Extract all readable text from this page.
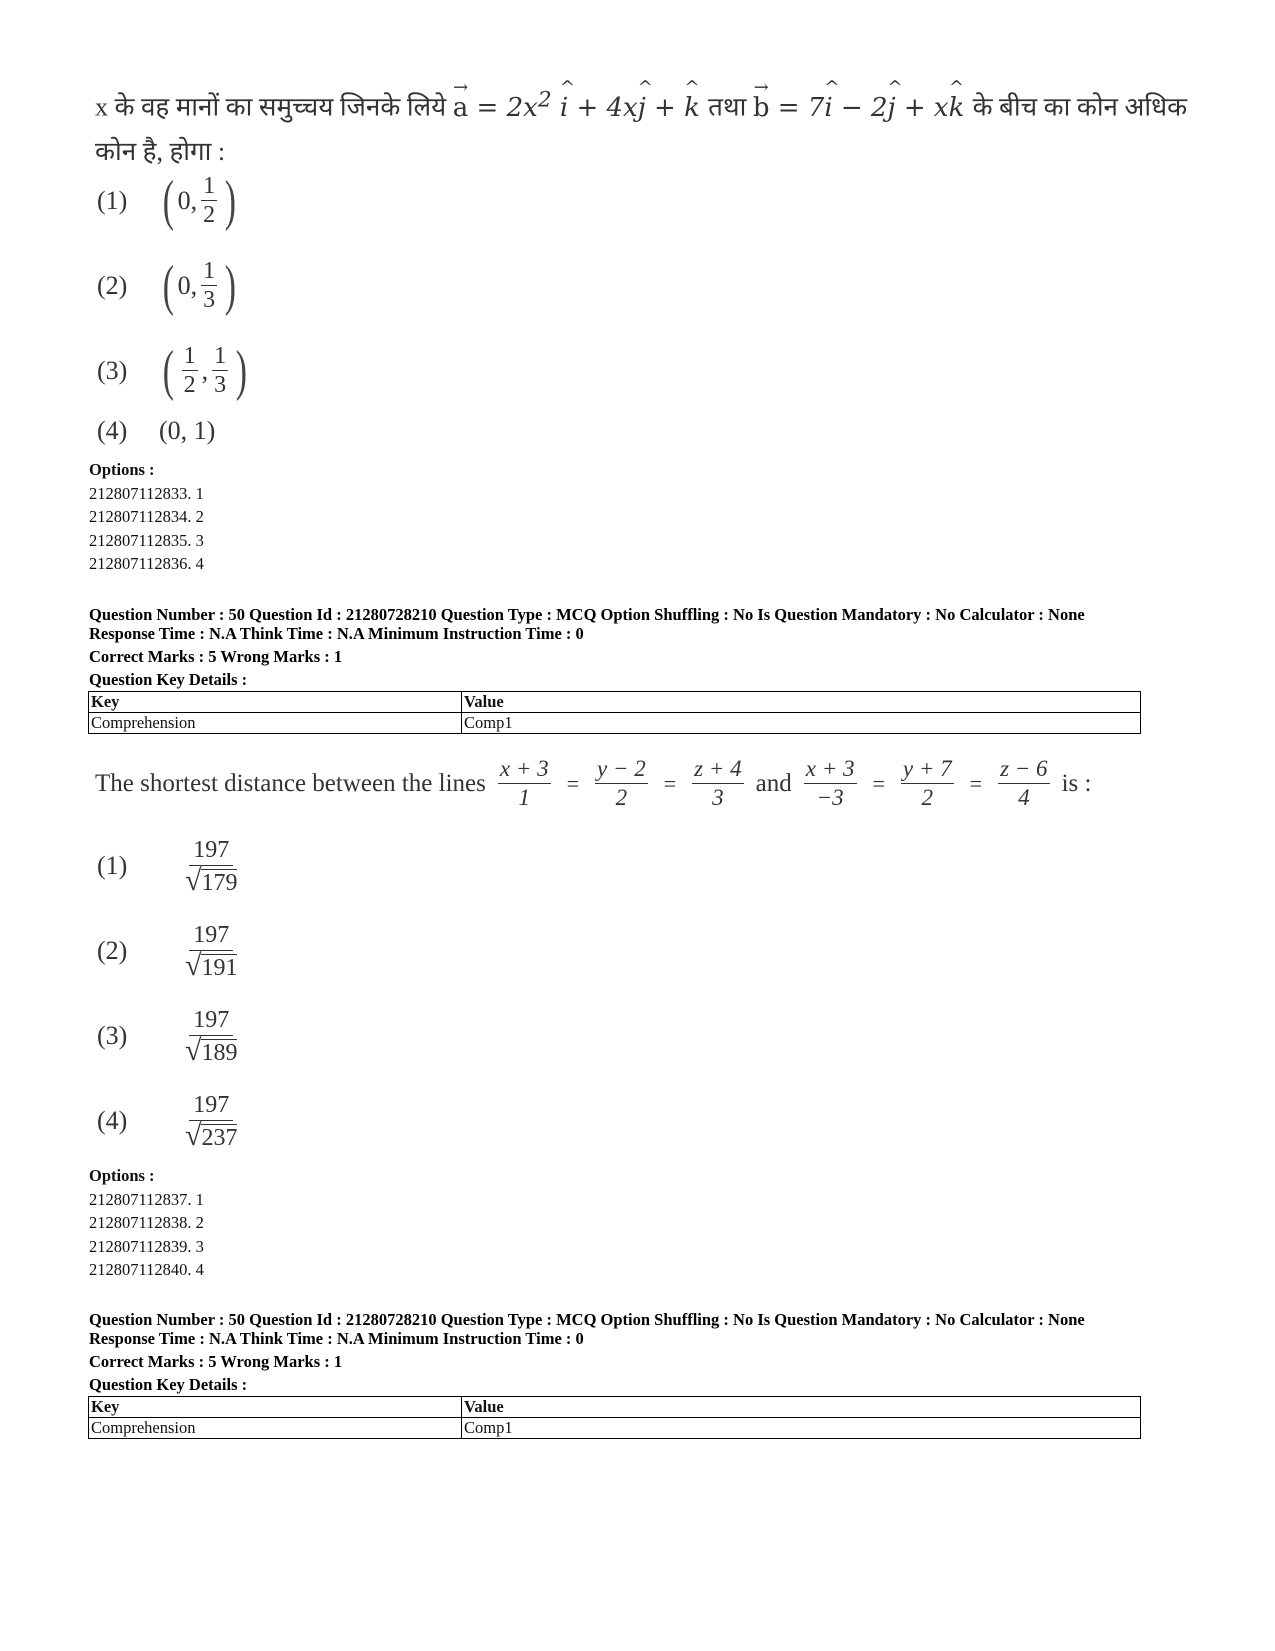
x के वह मानों का समुच्चय जिनके लिये → $a = 2x^2$ ^ i + 4x^ j + ^ k तथा → b = 7^ i − 2^ j + x^ k के बीच का कोन अधिक
कोन है, होगा :
(1) ( 0, $\frac{1}{2}$ )
(2) ( 0, $\frac{1}{3}$ )
(3) ( $\frac{1}{2}$ , $\frac{1}{3}$ )
(4)	(0, 1)
Options :
212807112833. 1
212807112834. 2
212807112835. 3
212807112836. 4
Question Number : 50 Question Id : 21280728210 Question Type : MCQ Option Shuffling : No Is Question Mandatory : No Calculator : None
Response Time : N.A Think Time : N.A Minimum Instruction Time : 0
Correct Marks : 5 Wrong Marks : 1
Question Key Details :
Key	Value
Comprehension	Comp1
The shortest distance between the lines $\frac{x + 3}{1} = \frac{y - 2}{2} = \frac{z + 4}{3}$ and $\frac{x + 3}{-3} = \frac{y + 7}{2} = \frac{z - 6}{4}$ is :
(1)
197
√ 179
(2)
197
√ 191
(3)
197
√ 189
(4)
197
√ 237
Options :
212807112837. 1
212807112838. 2
212807112839. 3
212807112840. 4
Question Number : 50 Question Id : 21280728210 Question Type : MCQ Option Shuffling : No Is Question Mandatory : No Calculator : None
Response Time : N.A Think Time : N.A Minimum Instruction Time : 0
Correct Marks : 5 Wrong Marks : 1
Question Key Details :
Key	Value
Comprehension	Comp1
